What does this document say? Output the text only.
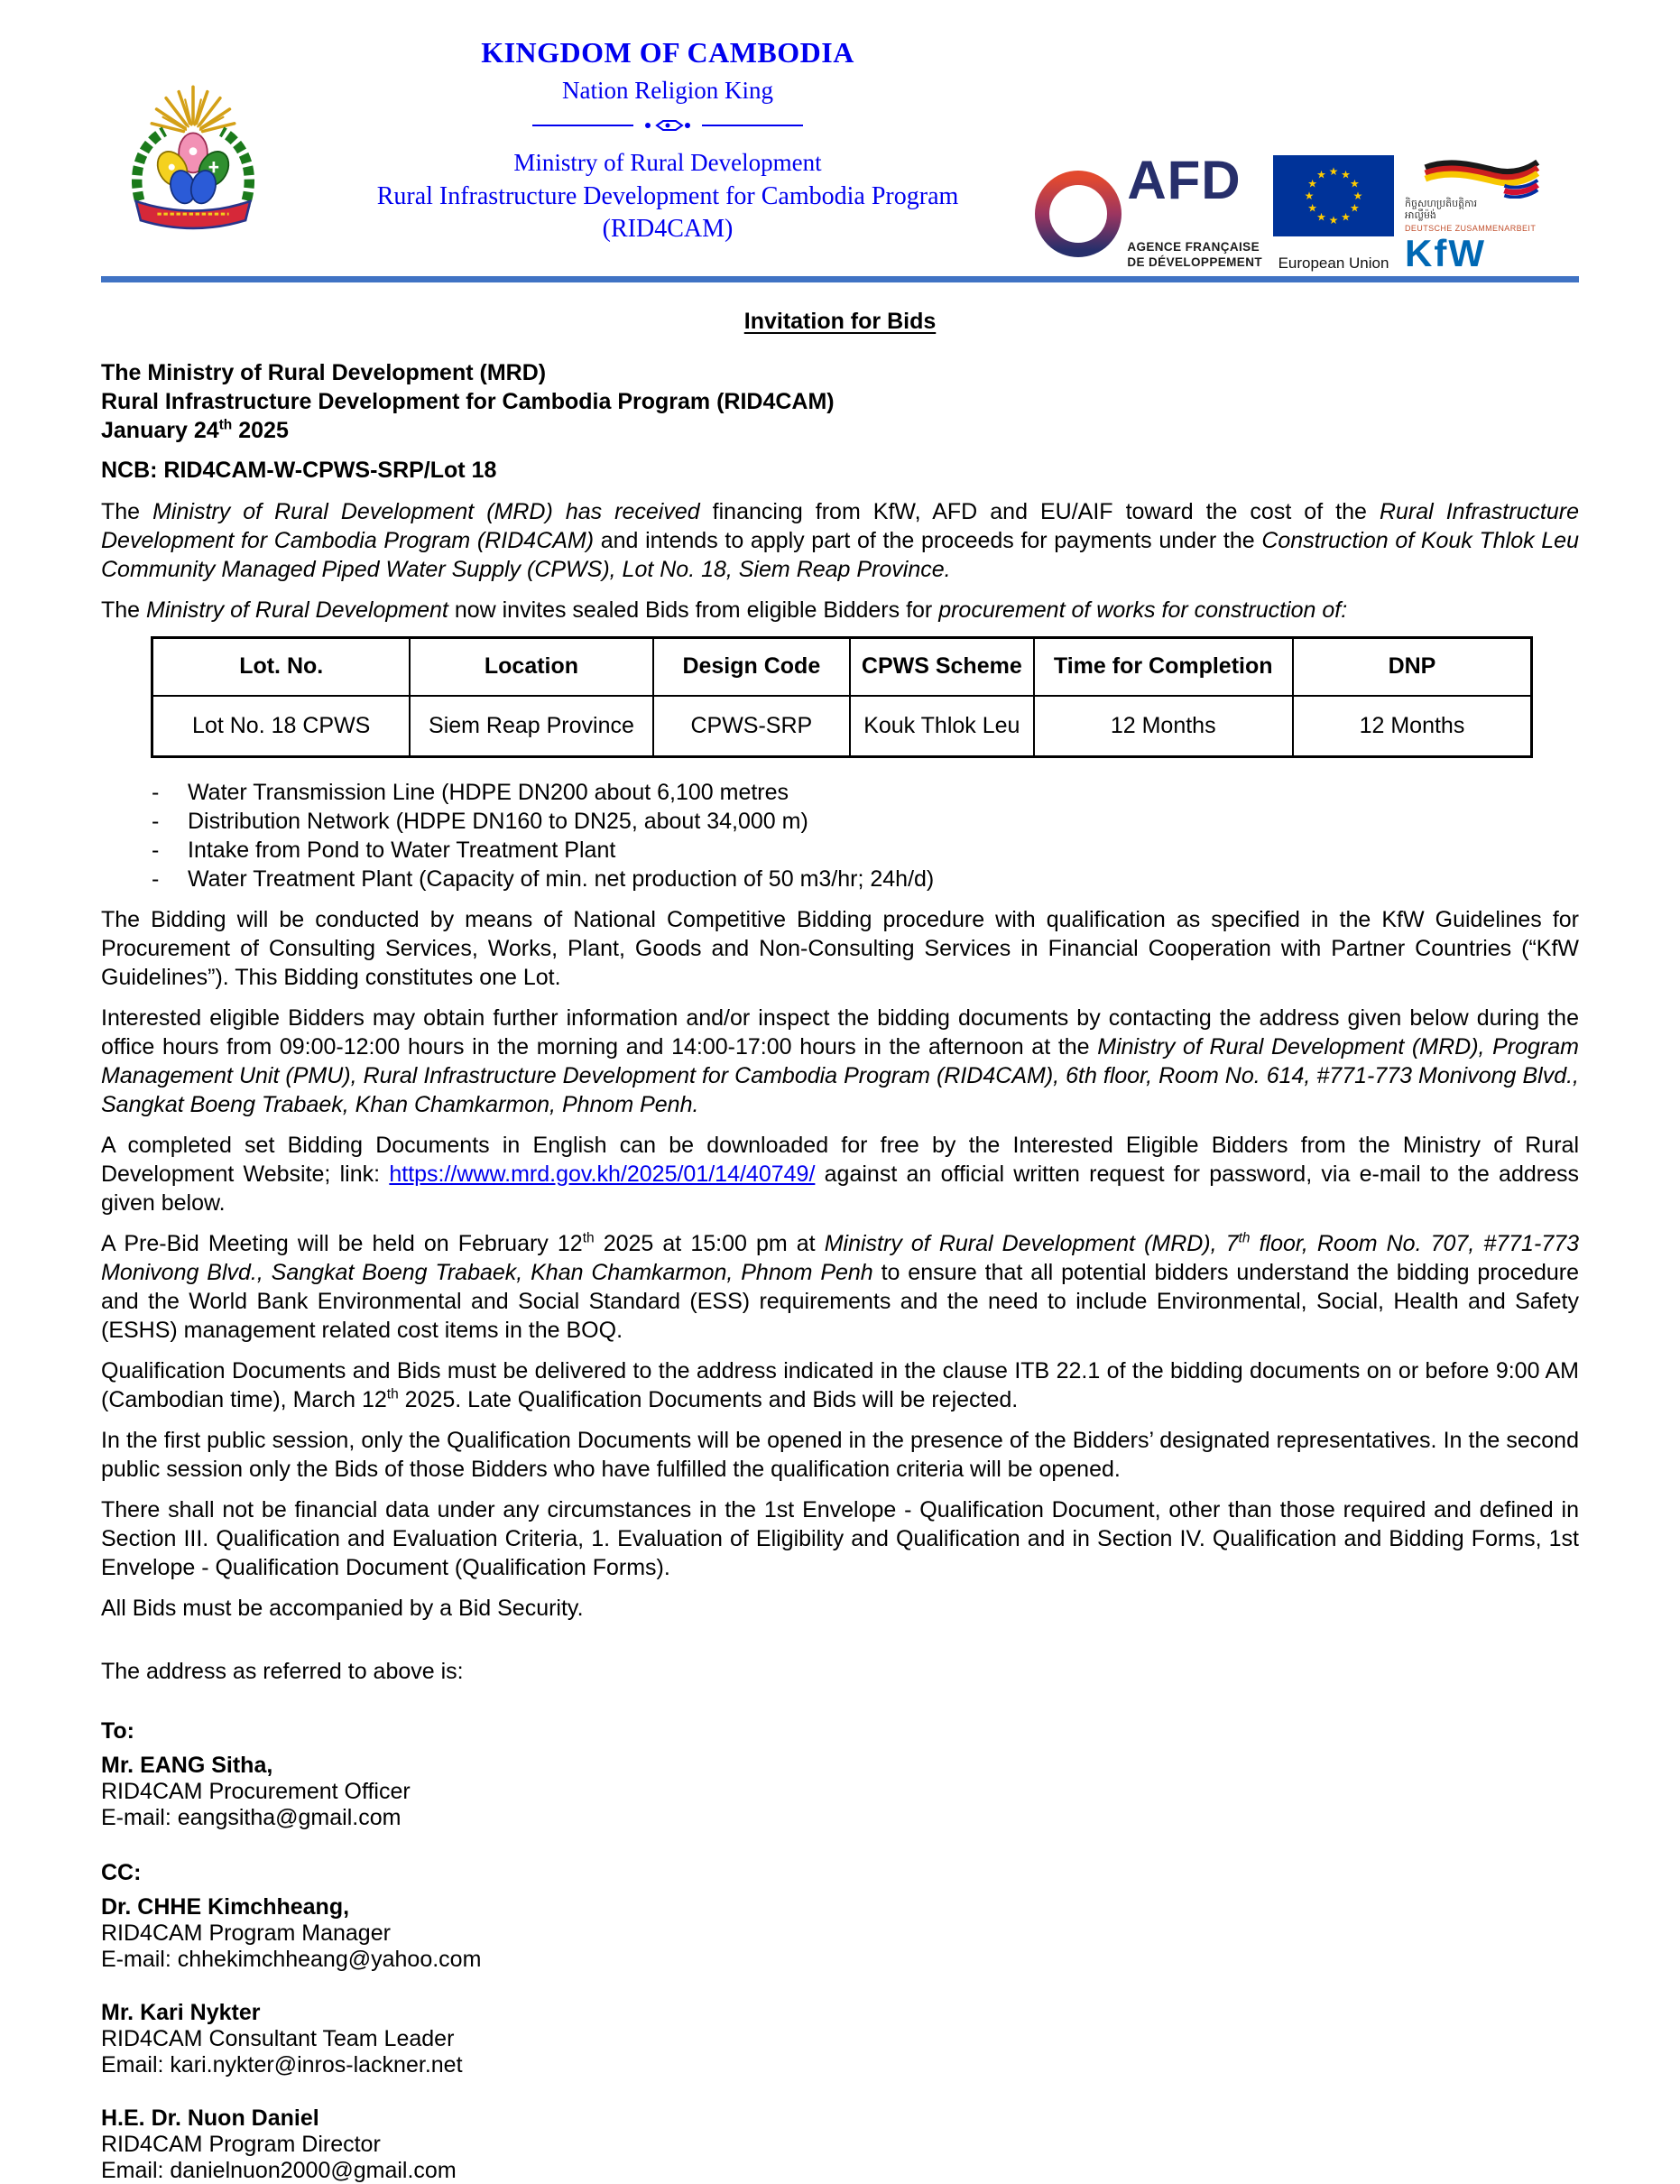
KINGDOM OF CAMBODIA
Nation Religion King
Ministry of Rural Development
Rural Infrastructure Development for Cambodia Program
(RID4CAM)
AFD
AGENCE FRANÇAISE
DE DÉVELOPPEMENT
★ ★
★
★
★
★
★
★
★
★
★
★
European Union
កិច្ចសហប្រតិបត្តិការ
អាល្លឺម៉ង់
DEUTSCHE ZUSAMMENARBEIT
KfW
Invitation for Bids
The Ministry of Rural Development (MRD)
Rural Infrastructure Development for Cambodia Program (RID4CAM)
January 24th 2025
NCB: RID4CAM-W-CPWS-SRP/Lot 18

The Ministry of Rural Development (MRD) has received financing from KfW, AFD and EU/AIF toward the cost of the Rural Infrastructure Development for Cambodia Program (RID4CAM) and intends to apply part of the proceeds for payments under the Construction of Kouk Thlok Leu Community Managed Piped Water Supply (CPWS), Lot No. 18, Siem Reap Province.

The Ministry of Rural Development now invites sealed Bids from eligible Bidders for procurement of works for construction of:

Lot. No.	Location	Design Code	CPWS Scheme	Time for Completion	DNP
Lot No. 18 CPWS	Siem Reap Province	CPWS-SRP	Kouk Thlok Leu	12 Months	12 Months
-	Water Transmission Line (HDPE DN200 about 6,100 metres
-	Distribution Network (HDPE DN160 to DN25, about 34,000 m)
-	Intake from Pond to Water Treatment Plant
-	Water Treatment Plant (Capacity of min. net production of 50 m3/hr; 24h/d)

The Bidding will be conducted by means of National Competitive Bidding procedure with qualification as specified in the KfW Guidelines for Procurement of Consulting Services, Works, Plant, Goods and Non-Consulting Services in Financial Cooperation with Partner Countries (“KfW Guidelines”). This Bidding constitutes one Lot.

Interested eligible Bidders may obtain further information and/or inspect the bidding documents by contacting the address given below during the office hours from 09:00-12:00 hours in the morning and 14:00-17:00 hours in the afternoon at the Ministry of Rural Development (MRD), Program Management Unit (PMU), Rural Infrastructure Development for Cambodia Program (RID4CAM), 6th floor, Room No. 614, #771-773 Monivong Blvd., Sangkat Boeng Trabaek, Khan Chamkarmon, Phnom Penh.

A completed set Bidding Documents in English can be downloaded for free by the Interested Eligible Bidders from the Ministry of Rural Development Website; link: https://www.mrd.gov.kh/2025/01/14/40749/ against an official written request for password, via e-mail to the address given below.

A Pre-Bid Meeting will be held on February 12th 2025 at 15:00 pm at Ministry of Rural Development (MRD), 7th floor, Room No. 707, #771-773 Monivong Blvd., Sangkat Boeng Trabaek, Khan Chamkarmon, Phnom Penh to ensure that all potential bidders understand the bidding procedure and the World Bank Environmental and Social Standard (ESS) requirements and the need to include Environmental, Social, Health and Safety (ESHS) management related cost items in the BOQ.

Qualification Documents and Bids must be delivered to the address indicated in the clause ITB 22.1 of the bidding documents on or before 9:00 AM (Cambodian time), March 12th 2025. Late Qualification Documents and Bids will be rejected.

In the first public session, only the Qualification Documents will be opened in the presence of the Bidders’ designated representatives. In the second public session only the Bids of those Bidders who have fulfilled the qualification criteria will be opened.

There shall not be financial data under any circumstances in the 1st Envelope - Qualification Document, other than those required and defined in Section III. Qualification and Evaluation Criteria, 1. Evaluation of Eligibility and Qualification and in Section IV. Qualification and Bidding Forms, 1st Envelope - Qualification Document (Qualification Forms).

All Bids must be accompanied by a Bid Security.

The address as referred to above is:

To:
Mr. EANG Sitha,
RID4CAM Procurement Officer
E-mail: eangsitha@gmail.com
CC:
Dr. CHHE Kimchheang,
RID4CAM Program Manager
E-mail: chhekimchheang@yahoo.com
Mr. Kari Nykter
RID4CAM Consultant Team Leader
Email: kari.nykter@inros-lackner.net
H.E. Dr. Nuon Daniel
RID4CAM Program Director
Email: danielnuon2000@gmail.com
